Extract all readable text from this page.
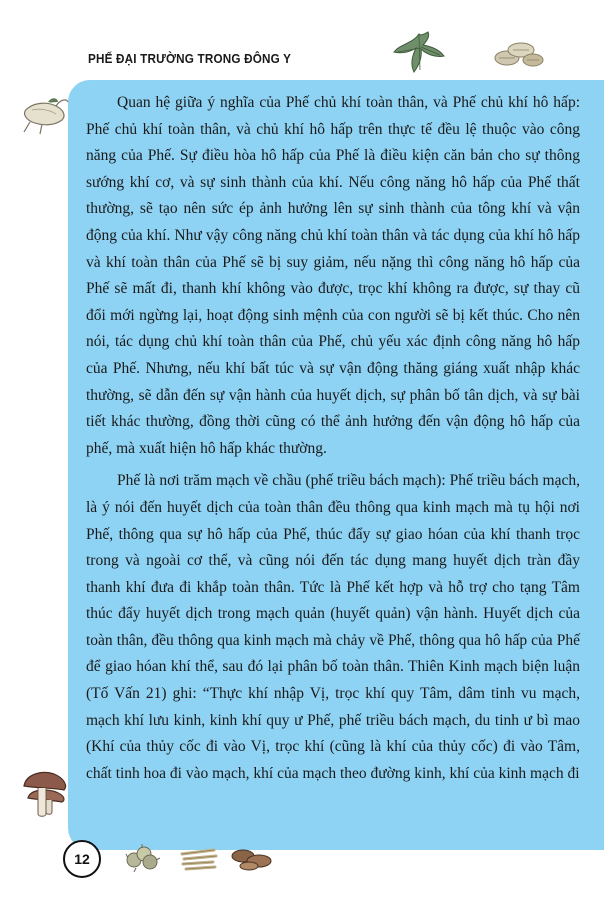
PHẾ ĐẠI TRƯỜNG TRONG ĐÔNG Y

Quan hệ giữa ý nghĩa của Phế chủ khí toàn thân, và Phế chủ khí hô hấp: Phế chủ khí toàn thân, và chủ khí hô hấp trên thực tế đều lệ thuộc vào công năng của Phế. Sự điều hòa hô hấp của Phế là điều kiện căn bản cho sự thông sướng khí cơ, và sự sinh thành của khí. Nếu công năng hô hấp của Phế thất thường, sẽ tạo nên sức ép ảnh hưởng lên sự sinh thành của tông khí và vận động của khí. Như vậy công năng chủ khí toàn thân và tác dụng của khí hô hấp và khí toàn thân của Phế sẽ bị suy giảm, nếu nặng thì công năng hô hấp của Phế sẽ mất đi, thanh khí không vào được, trọc khí không ra được, sự thay cũ đổi mới ngừng lại, hoạt động sinh mệnh của con người sẽ bị kết thúc. Cho nên nói, tác dụng chủ khí toàn thân của Phế, chủ yếu xác định công năng hô hấp của Phế. Nhưng, nếu khí bất túc và sự vận động thăng giáng xuất nhập khác thường, sẽ dẫn đến sự vận hành của huyết dịch, sự phân bố tân dịch, và sự bài tiết khác thường, đồng thời cũng có thể ảnh hưởng đến vận động hô hấp của phế, mà xuất hiện hô hấp khác thường.

Phế là nơi trăm mạch về chầu (phế triều bách mạch): Phế triều bách mạch, là ý nói đến huyết dịch của toàn thân đều thông qua kinh mạch mà tụ hội nơi Phế, thông qua sự hô hấp của Phế, thúc đẩy sự giao hóan của khí thanh trọc trong và ngoài cơ thể, và cũng nói đến tác dụng mang huyết dịch tràn đầy thanh khí đưa đi khắp toàn thân. Tức là Phế kết hợp và hỗ trợ cho tạng Tâm thúc đẩy huyết dịch trong mạch quản (huyết quản) vận hành. Huyết dịch của toàn thân, đều thông qua kinh mạch mà chảy về Phế, thông qua hô hấp của Phế để giao hóan khí thể, sau đó lại phân bố toàn thân. Thiên Kinh mạch biện luận (Tố Vấn 21) ghi: “Thực khí nhập Vị, trọc khí quy Tâm, dâm tinh vu mạch, mạch khí lưu kinh, kinh khí quy ư Phế, phế triều bách mạch, du tinh ư bì mao (Khí của thủy cốc đi vào Vị, trọc khí (cũng là khí của thủy cốc) đi vào Tâm, chất tinh hoa đi vào mạch, khí của mạch theo đường kinh, khí của kinh mạch đi

12
